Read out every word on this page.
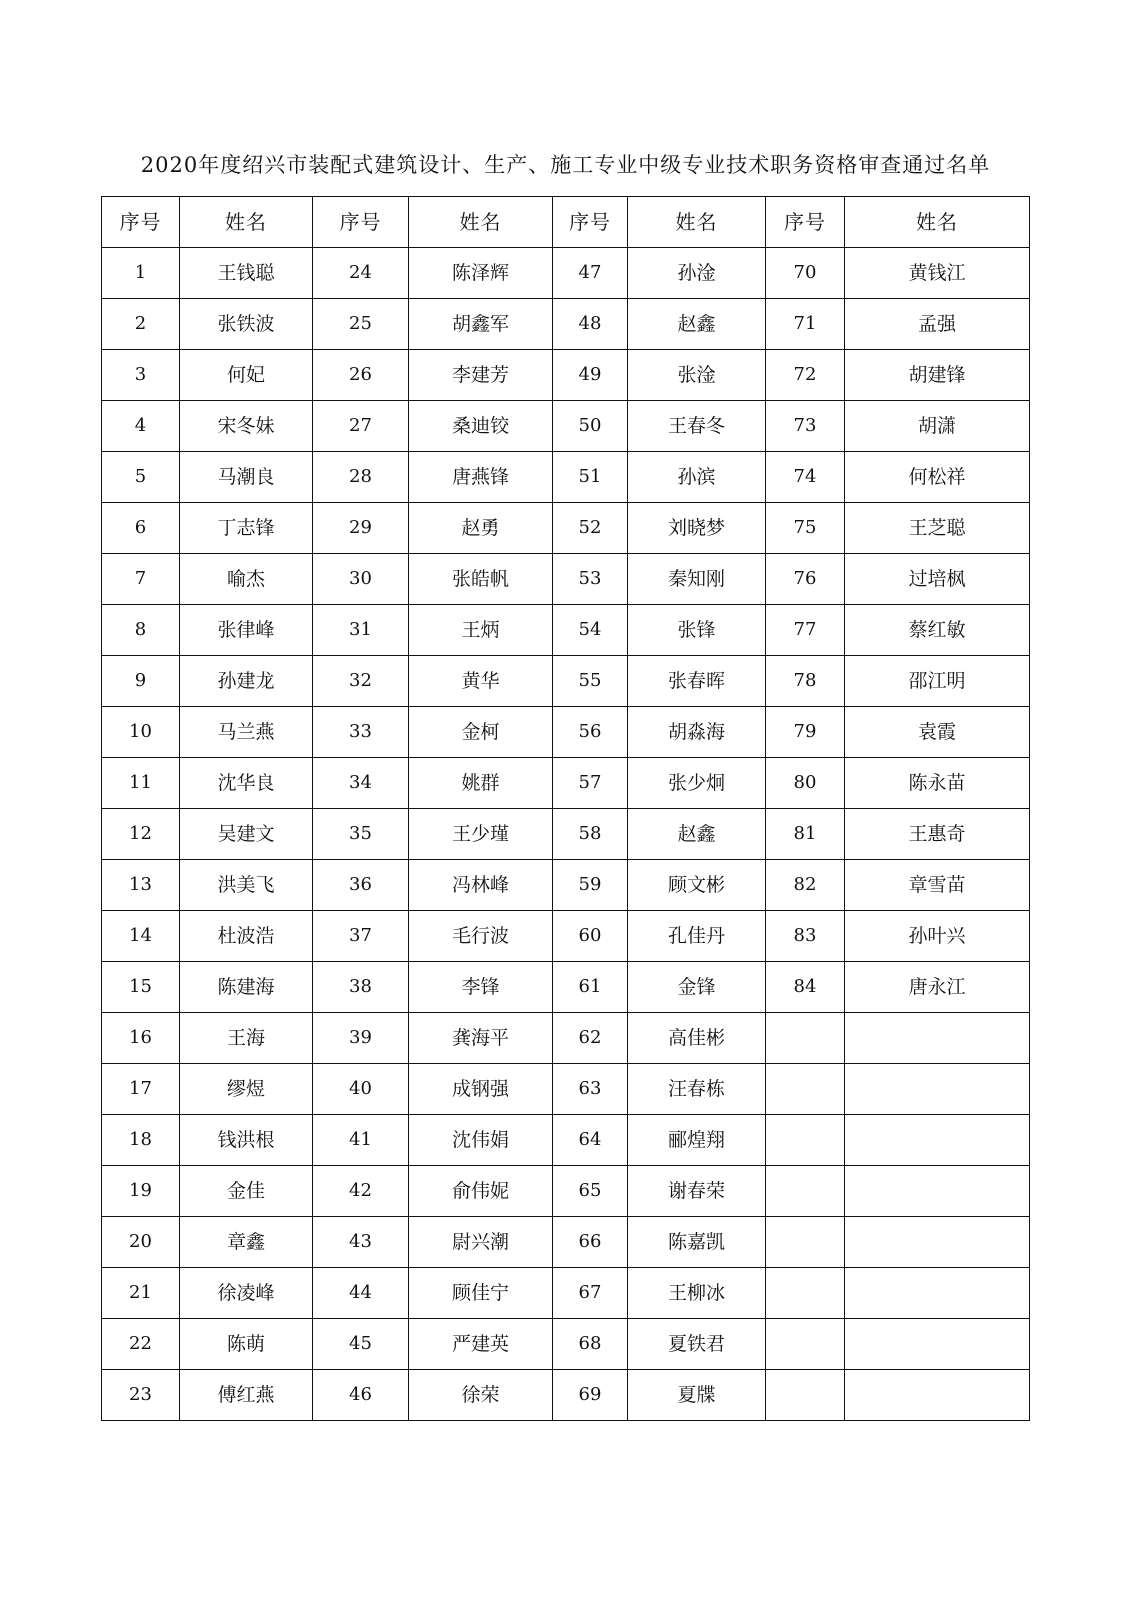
2020年度绍兴市装配式建筑设计、生产、施工专业中级专业技术职务资格审查通过名单
序号	姓名	序号	姓名	序号	姓名	序号	姓名
1	王钱聪	24	陈泽辉	47	孙淦	70	黄钱江
2	张铁波	25	胡鑫军	48	赵鑫	71	孟强
3	何妃	26	李建芳	49	张淦	72	胡建锋
4	宋冬妹	27	桑迪铰	50	王春冬	73	胡潇
5	马潮良	28	唐燕锋	51	孙滨	74	何松祥
6	丁志锋	29	赵勇	52	刘晓梦	75	王芝聪
7	喻杰	30	张皓帆	53	秦知刚	76	过培枫
8	张律峰	31	王炳	54	张锋	77	蔡红敏
9	孙建龙	32	黄华	55	张春晖	78	邵江明
10	马兰燕	33	金柯	56	胡淼海	79	袁霞
11	沈华良	34	姚群	57	张少炯	80	陈永苗
12	吴建文	35	王少瑾	58	赵鑫	81	王惠奇
13	洪美飞	36	冯林峰	59	顾文彬	82	章雪苗
14	杜波浩	37	毛行波	60	孔佳丹	83	孙叶兴
15	陈建海	38	李锋	61	金锋	84	唐永江
16	王海	39	龚海平	62	高佳彬		
17	缪煜	40	成钢强	63	汪春栋		
18	钱洪根	41	沈伟娟	64	郦煌翔		
19	金佳	42	俞伟妮	65	谢春荣		
20	章鑫	43	尉兴潮	66	陈嘉凯		
21	徐凌峰	44	顾佳宁	67	王柳冰		
22	陈萌	45	严建英	68	夏铁君		
23	傅红燕	46	徐荣	69	夏牒		
